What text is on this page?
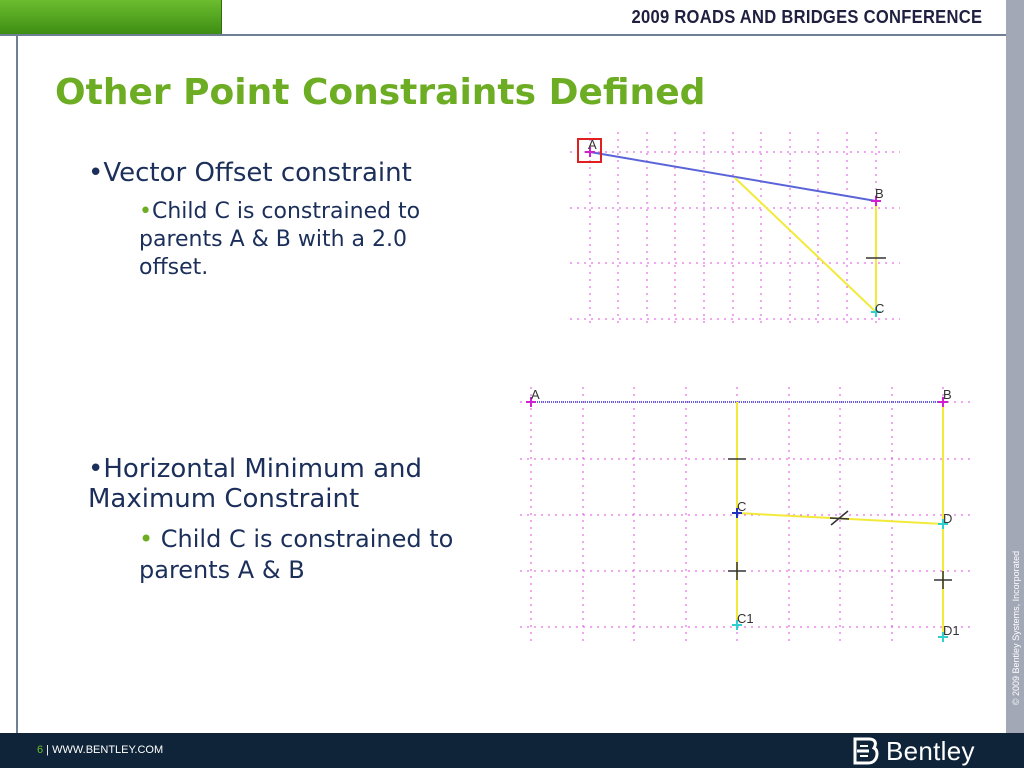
2009 ROADS AND BRIDGES CONFERENCE
© 2009 Bentley Systems, Incorporated
Other Point Constraints Defined
•Vector Offset constraint
•Child C is constrained to parents A & B with a 2.0 offset.
•Horizontal Minimum and Maximum Constraint
• Child C is constrained to parents A & B
A
B
C
A	B
C
D
C1
D1
6 | WWW.BENTLEY.COM	Bentley
